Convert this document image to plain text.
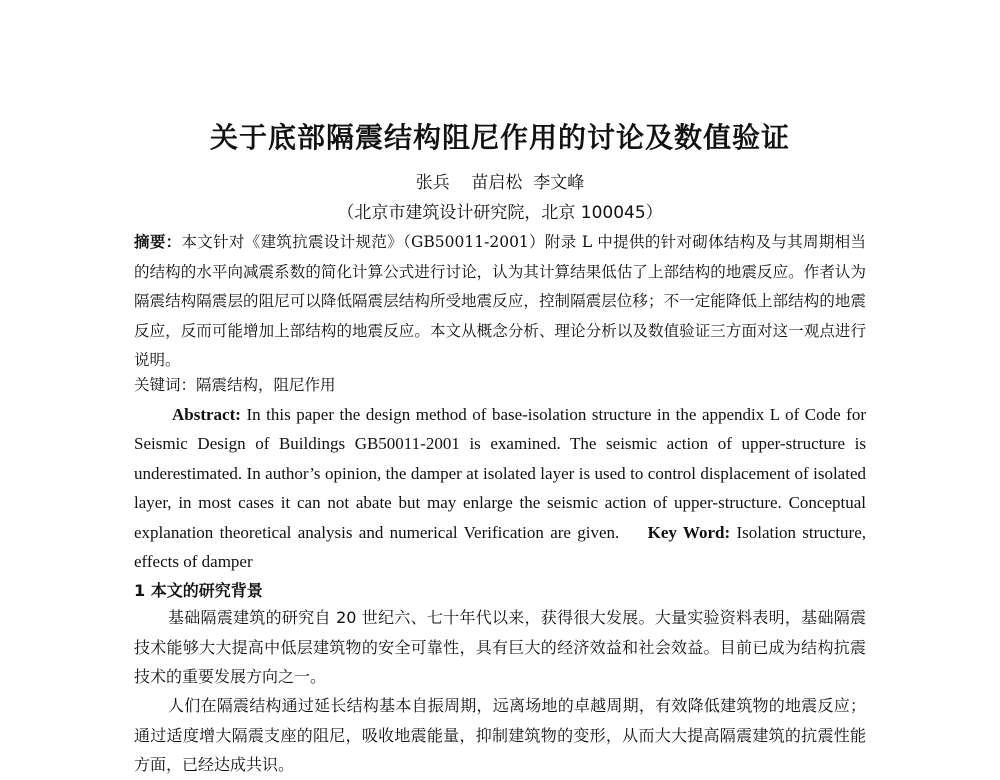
关于底部隔震结构阻尼作用的讨论及数值验证
张兵    苗启松  李文峰
（北京市建筑设计研究院，北京 100045）
摘要：本文针对《建筑抗震设计规范》（GB50011-2001）附录 L 中提供的针对砌体结构及与其周期相当的结构的水平向减震系数的简化计算公式进行讨论，认为其计算结果低估了上部结构的地震反应。作者认为隔震结构隔震层的阻尼可以降低隔震层结构所受地震反应，控制隔震层位移；不一定能降低上部结构的地震反应，反而可能增加上部结构的地震反应。本文从概念分析、理论分析以及数值验证三方面对这一观点进行说明。
关键词：隔震结构，阻尼作用
Abstract: In this paper the design method of base-isolation structure in the appendix L of Code for Seismic Design of Buildings GB50011-2001 is examined. The seismic action of upper-structure is underestimated. In author’s opinion, the damper at isolated layer is used to control displacement of isolated layer, in most cases it can not abate but may enlarge the seismic action of upper-structure. Conceptual explanation theoretical analysis and numerical Verification are given. Key Word: Isolation structure, effects of damper
1 本文的研究背景

基础隔震建筑的研究自 20 世纪六、七十年代以来，获得很大发展。大量实验资料表明，基础隔震技术能够大大提高中低层建筑物的安全可靠性，具有巨大的经济效益和社会效益。目前已成为结构抗震技术的重要发展方向之一。

人们在隔震结构通过延长结构基本自振周期，远离场地的卓越周期，有效降低建筑物的地震反应；通过适度增大隔震支座的阻尼，吸收地震能量，抑制建筑物的变形，从而大大提高隔震建筑的抗震性能方面，已经达成共识。
